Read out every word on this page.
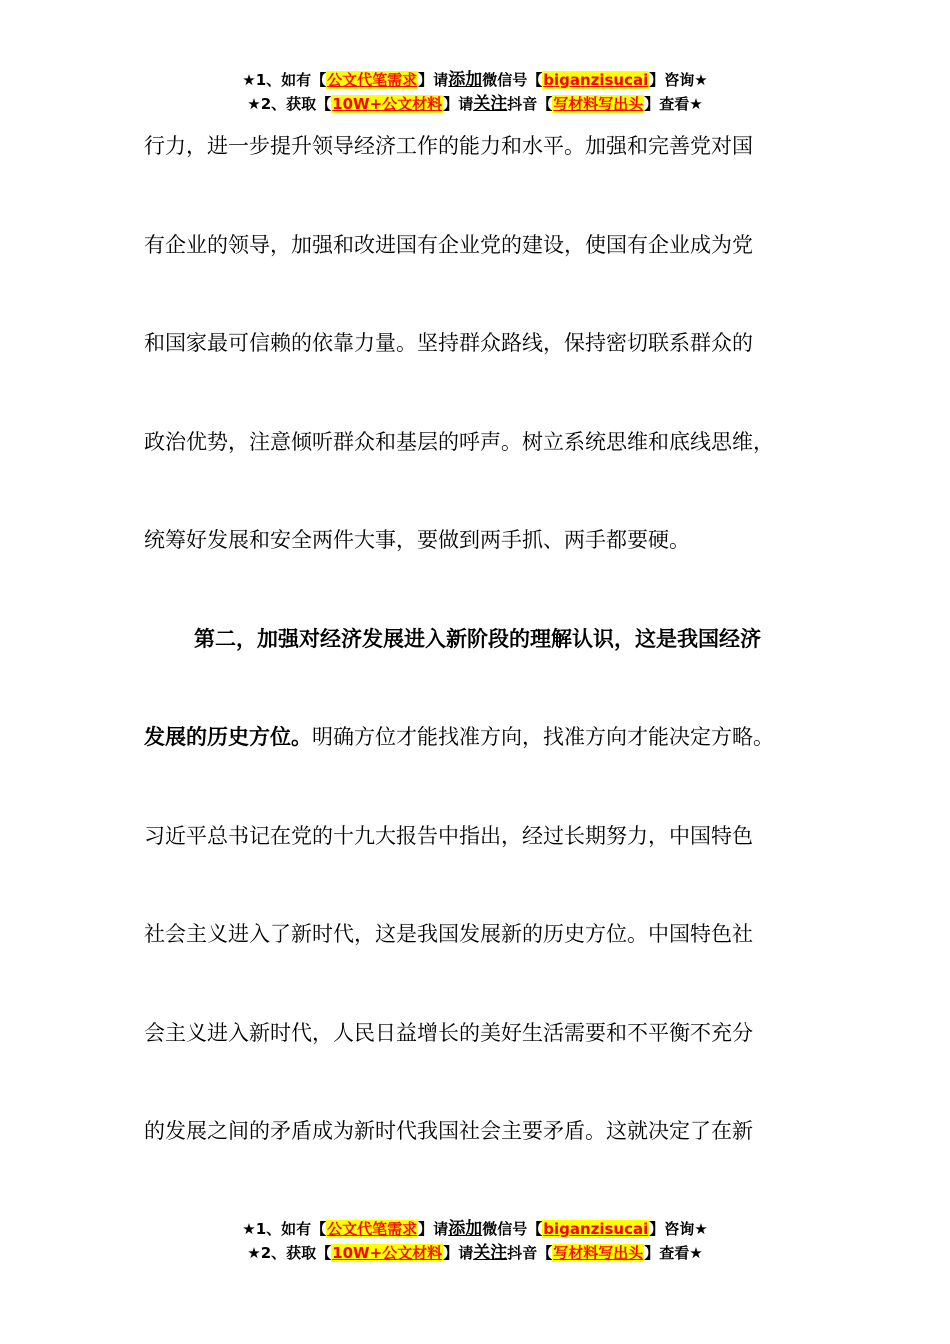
★1、如有【公文代笔需求】请添加微信号【biganzisucai】咨询★
★2、获取【10W+公文材料】请关注抖音【写材料写出头】查看★
行力，进一步提升领导经济工作的能力和水平。加强和完善党对国
有企业的领导，加强和改进国有企业党的建设，使国有企业成为党
和国家最可信赖的依靠力量。坚持群众路线，保持密切联系群众的
政治优势，注意倾听群众和基层的呼声。树立系统思维和底线思维，
统筹好发展和安全两件大事，要做到两手抓、两手都要硬。
第二，加强对经济发展进入新阶段的理解认识，这是我国经济
发展的历史方位。明确方位才能找准方向，找准方向才能决定方略。
习近平总书记在党的十九大报告中指出，经过长期努力，中国特色
社会主义进入了新时代，这是我国发展新的历史方位。中国特色社
会主义进入新时代，人民日益增长的美好生活需要和不平衡不充分
的发展之间的矛盾成为新时代我国社会主要矛盾。这就决定了在新
★1、如有【公文代笔需求】请添加微信号【biganzisucai】咨询★
★2、获取【10W+公文材料】请关注抖音【写材料写出头】查看★
